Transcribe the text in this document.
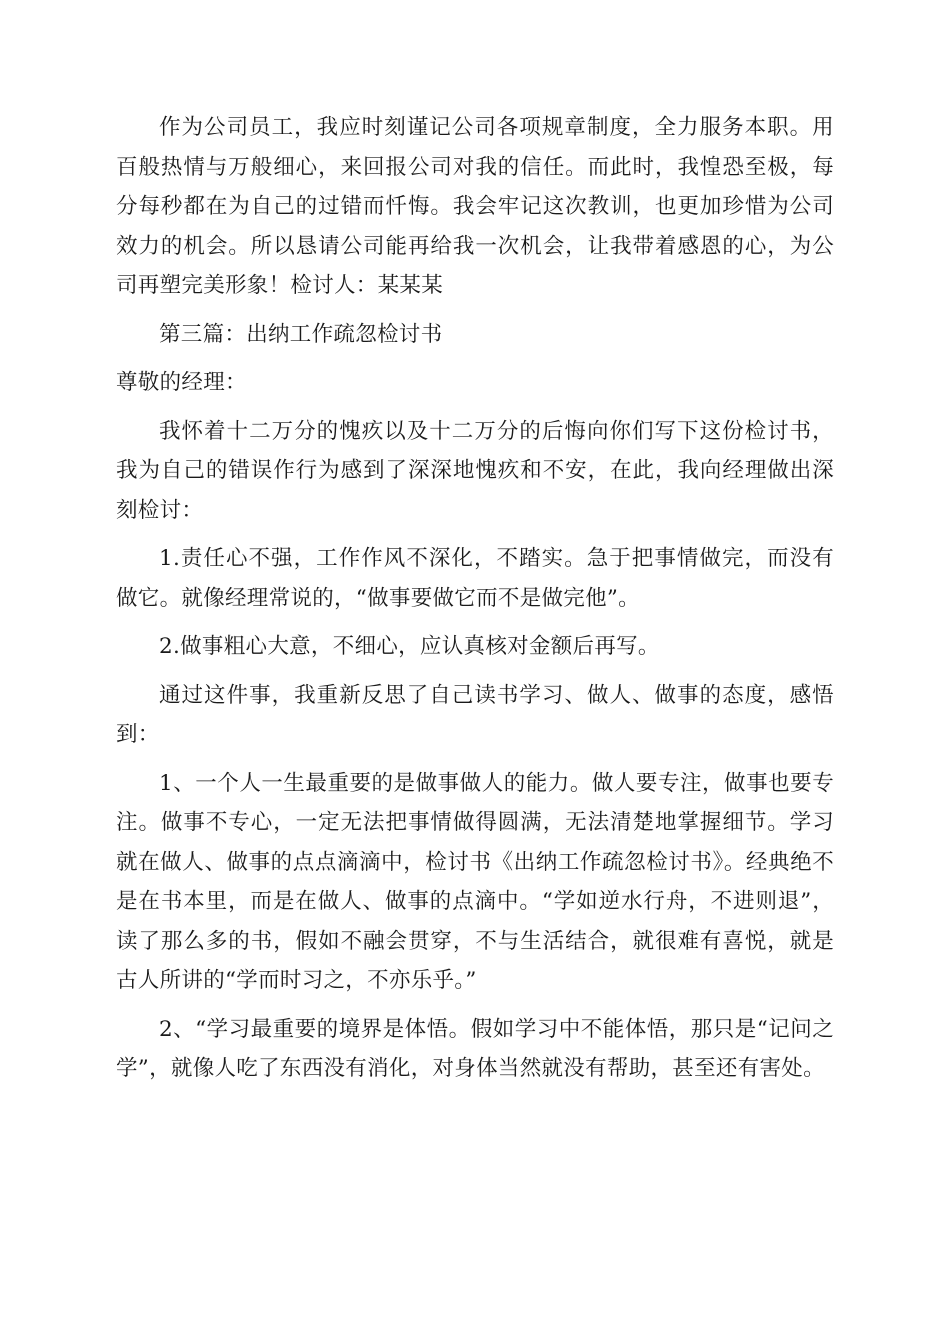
作为公司员工，我应时刻谨记公司各项规章制度，全力服务本职。用百般热情与万般细心，来回报公司对我的信任。而此时，我惶恐至极，每分每秒都在为自己的过错而忏悔。我会牢记这次教训，也更加珍惜为公司效力的机会。所以恳请公司能再给我一次机会，让我带着感恩的心，为公司再塑完美形象！检讨人：某某某

第三篇：出纳工作疏忽检讨书

尊敬的经理：

我怀着十二万分的愧疚以及十二万分的后悔向你们写下这份检讨书，我为自己的错误作行为感到了深深地愧疚和不安，在此，我向经理做出深刻检讨：

1.责任心不强，工作作风不深化，不踏实。急于把事情做完，而没有做它。就像经理常说的，“做事要做它而不是做完他”。

2.做事粗心大意，不细心，应认真核对金额后再写。

通过这件事，我重新反思了自己读书学习、做人、做事的态度，感悟到：

1、一个人一生最重要的是做事做人的能力。做人要专注，做事也要专注。做事不专心，一定无法把事情做得圆满，无法清楚地掌握细节。学习就在做人、做事的点点滴滴中，检讨书《出纳工作疏忽检讨书》。经典绝不是在书本里，而是在做人、做事的点滴中。“学如逆水行舟，不进则退”，读了那么多的书，假如不融会贯穿，不与生活结合，就很难有喜悦，就是古人所讲的“学而时习之，不亦乐乎。”

2、“学习最重要的境界是体悟。假如学习中不能体悟，那只是“记问之学”，就像人吃了东西没有消化，对身体当然就没有帮助，甚至还有害处。
